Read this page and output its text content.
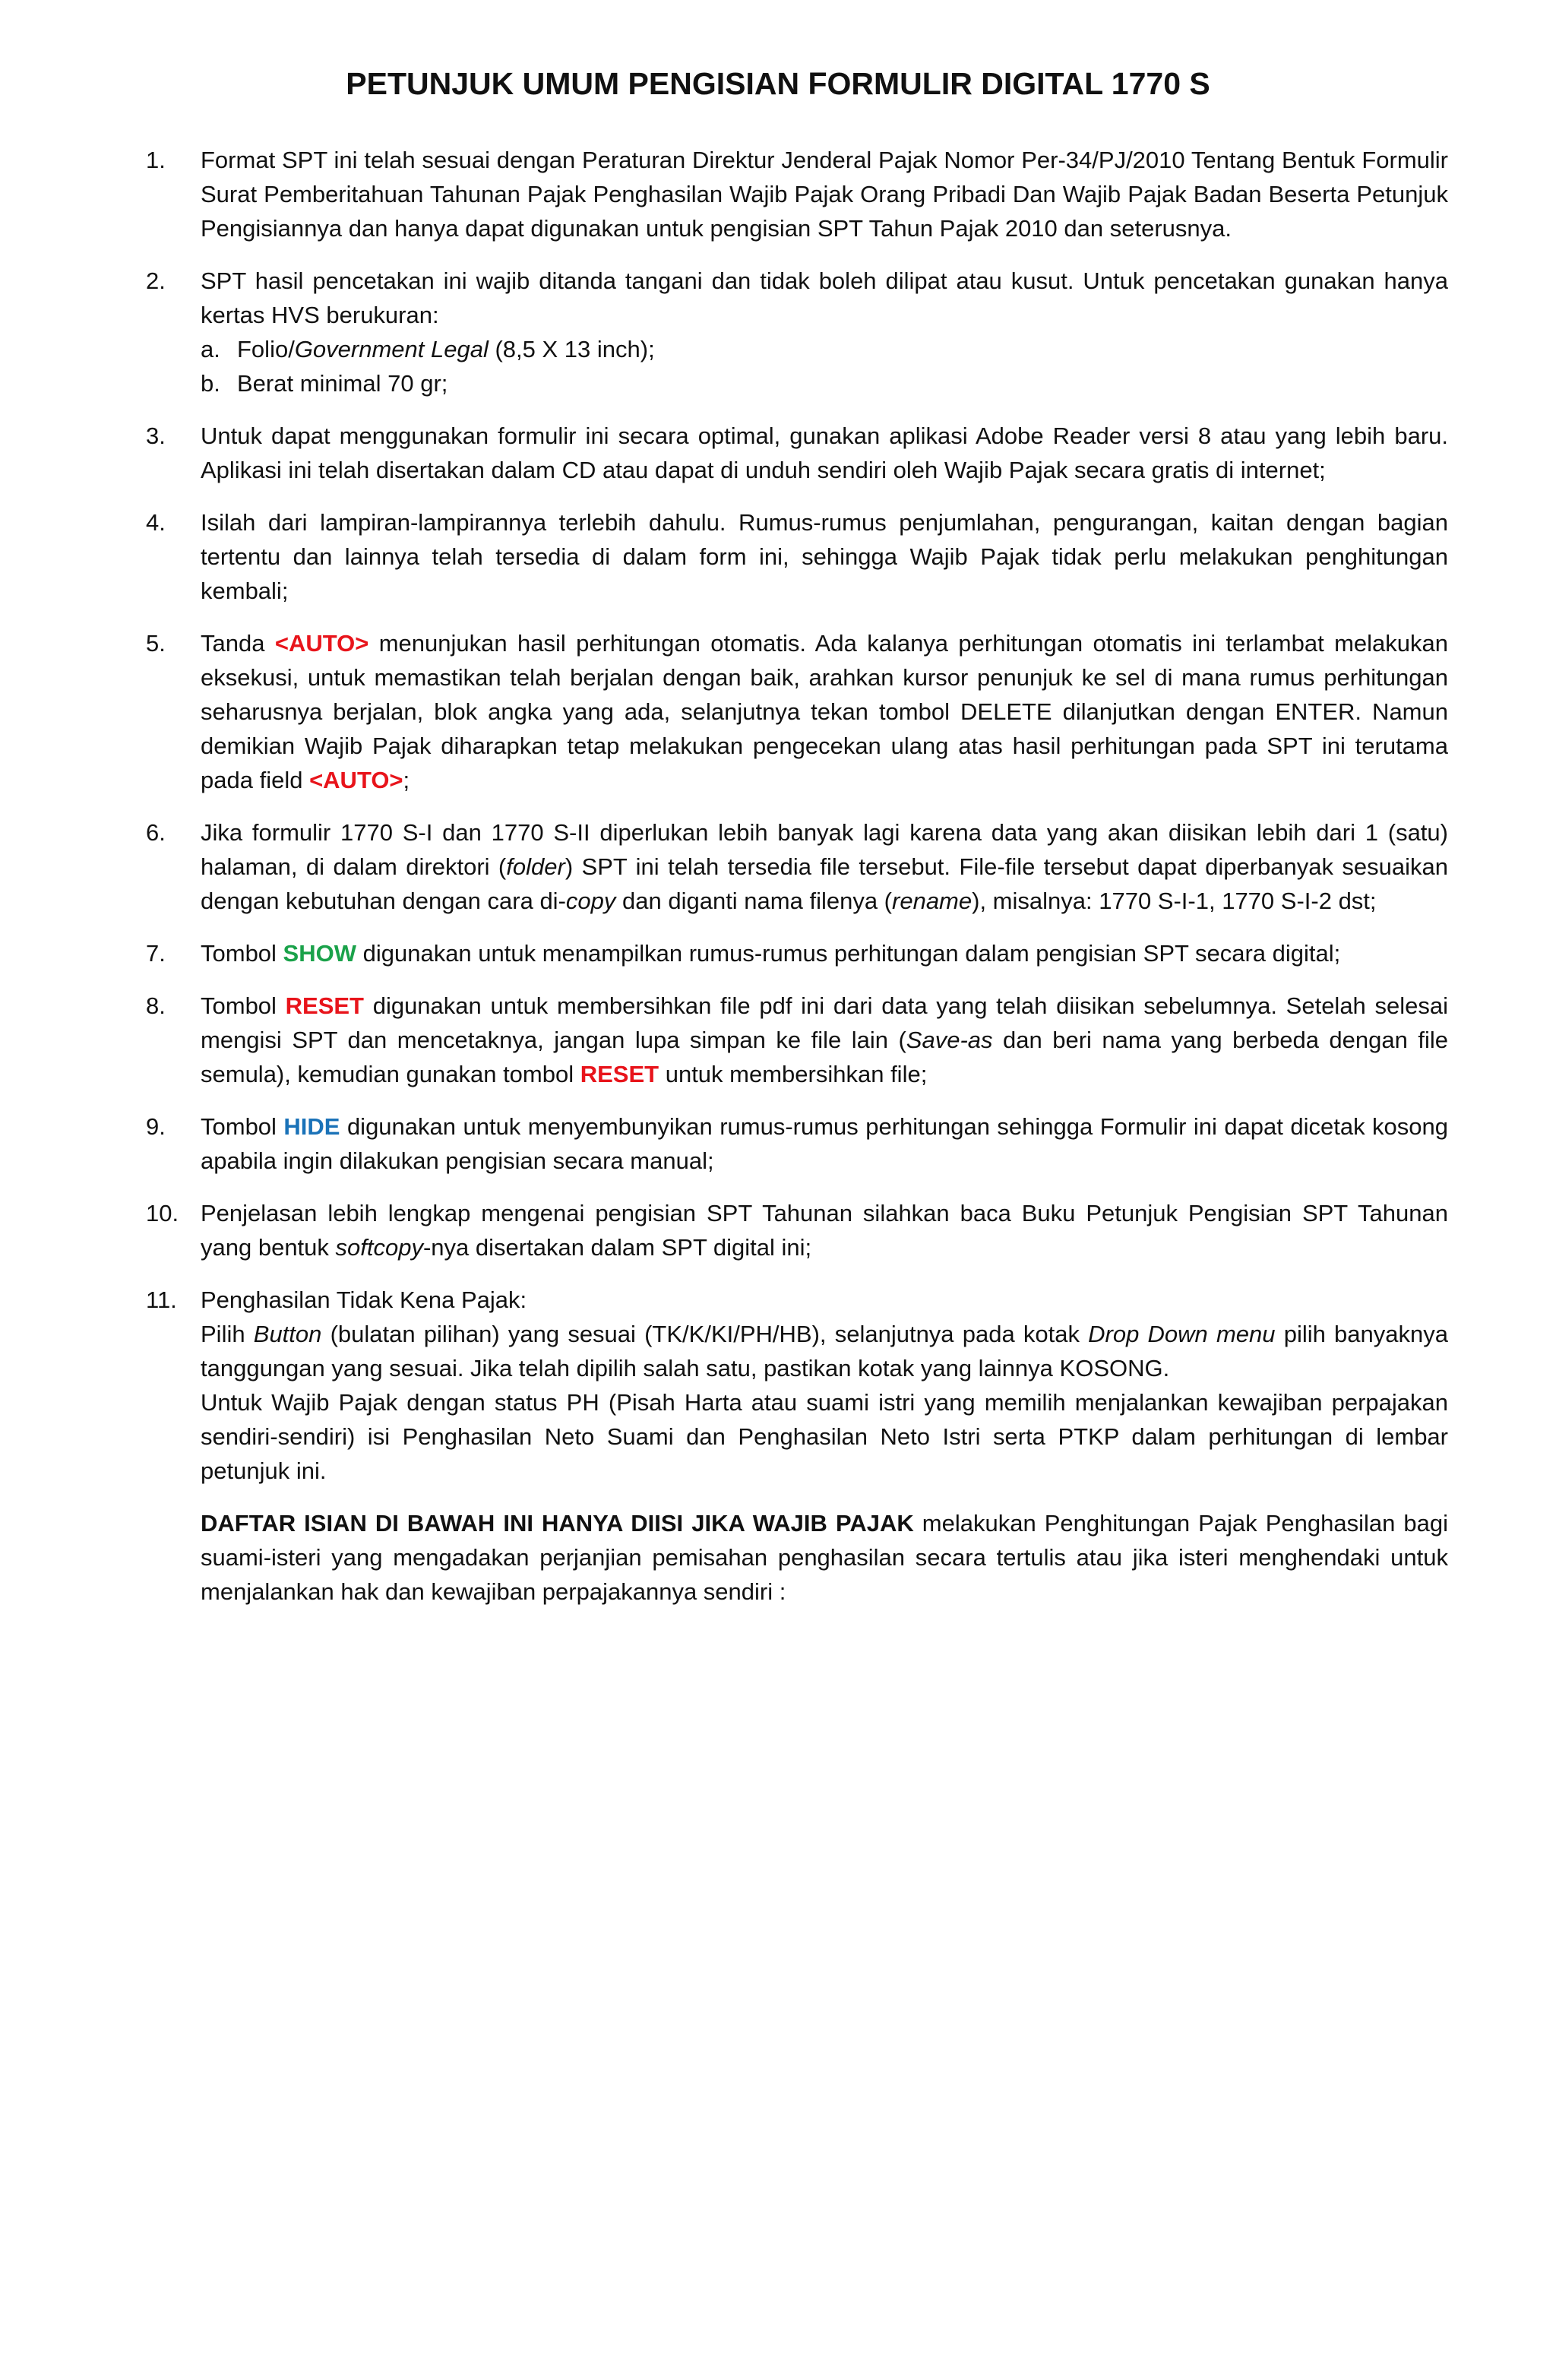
PETUNJUK UMUM PENGISIAN FORMULIR DIGITAL 1770 S
1.	Format SPT ini telah sesuai dengan Peraturan Direktur Jenderal Pajak Nomor Per-34/PJ/2010 Tentang Bentuk Formulir Surat Pemberitahuan Tahunan Pajak Penghasilan Wajib Pajak Orang Pribadi Dan Wajib Pajak Badan Beserta Petunjuk Pengisiannya dan hanya dapat digunakan untuk pengisian SPT Tahun Pajak 2010 dan seterusnya.

2.	SPT hasil pencetakan ini wajib ditanda tangani dan tidak boleh dilipat atau kusut. Untuk pencetakan gunakan hanya kertas HVS berukuran:

a. Folio/Government Legal (8,5 X 13 inch);
b. Berat minimal 70 gr;
3.	Untuk dapat menggunakan formulir ini secara optimal, gunakan aplikasi Adobe Reader versi 8 atau yang lebih baru. Aplikasi ini telah disertakan dalam CD atau dapat di unduh sendiri oleh Wajib Pajak secara gratis di internet;

4.	Isilah dari lampiran-lampirannya terlebih dahulu. Rumus-rumus penjumlahan, pengurangan, kaitan dengan bagian tertentu dan lainnya telah tersedia di dalam form ini, sehingga Wajib Pajak tidak perlu melakukan penghitungan kembali;

5.	Tanda <AUTO> menunjukan hasil perhitungan otomatis. Ada kalanya perhitungan otomatis ini terlambat melakukan eksekusi, untuk memastikan telah berjalan dengan baik, arahkan kursor penunjuk ke sel di mana rumus perhitungan seharusnya berjalan, blok angka yang ada, selanjutnya tekan tombol DELETE dilanjutkan dengan ENTER. Namun demikian Wajib Pajak diharapkan tetap melakukan pengecekan ulang atas hasil perhitungan pada SPT ini terutama pada field <AUTO>;

6.	Jika formulir 1770 S-I dan 1770 S-II diperlukan lebih banyak lagi karena data yang akan diisikan lebih dari 1 (satu) halaman, di dalam direktori (folder) SPT ini telah tersedia file tersebut. File-file tersebut dapat diperbanyak sesuaikan dengan kebutuhan dengan cara di-copy dan diganti nama filenya (rename), misalnya: 1770 S-I-1, 1770 S-I-2 dst;

7.	Tombol SHOW digunakan untuk menampilkan rumus-rumus perhitungan dalam pengisian SPT secara digital;

8.	Tombol RESET digunakan untuk membersihkan file pdf ini dari data yang telah diisikan sebelumnya. Setelah selesai mengisi SPT dan mencetaknya, jangan lupa simpan ke file lain (Save-as dan beri nama yang berbeda dengan file semula), kemudian gunakan tombol RESET untuk membersihkan file;

9.	Tombol HIDE digunakan untuk menyembunyikan rumus-rumus perhitungan sehingga Formulir ini dapat dicetak kosong apabila ingin dilakukan pengisian secara manual;

10. Penjelasan lebih lengkap mengenai pengisian SPT Tahunan silahkan baca Buku Petunjuk Pengisian SPT Tahunan yang bentuk softcopy-nya disertakan dalam SPT digital ini;

11.	Penghasilan Tidak Kena Pajak:

Pilih Button (bulatan pilihan) yang sesuai (TK/K/KI/PH/HB), selanjutnya pada kotak Drop Down menu pilih banyaknya tanggungan yang sesuai. Jika telah dipilih salah satu, pastikan kotak yang lainnya KOSONG.

Untuk Wajib Pajak dengan status PH (Pisah Harta atau suami istri yang memilih menjalankan kewajiban perpajakan sendiri-sendiri) isi Penghasilan Neto Suami dan Penghasilan Neto Istri serta PTKP dalam perhitungan di lembar petunjuk ini.

DAFTAR ISIAN DI BAWAH INI HANYA DIISI JIKA WAJIB PAJAK melakukan Penghitungan Pajak Penghasilan bagi suami-isteri yang mengadakan perjanjian pemisahan penghasilan secara tertulis atau jika isteri menghendaki untuk menjalankan hak dan kewajiban perpajakannya sendiri :
